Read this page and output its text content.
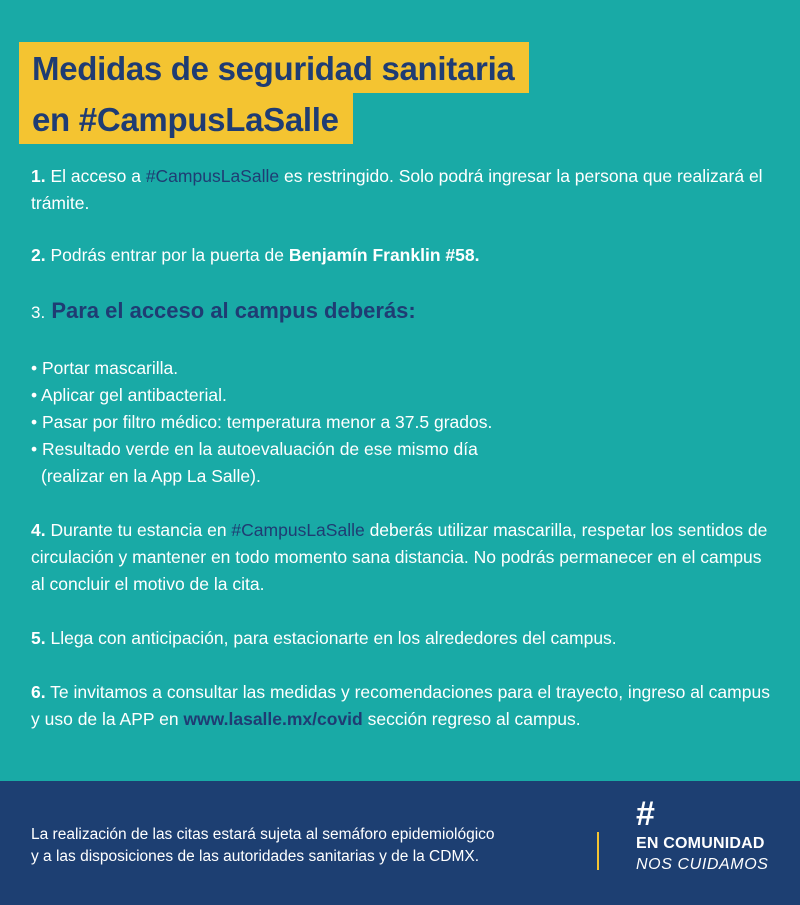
Medidas de seguridad sanitaria
en #CampusLaSalle

1. El acceso a #CampusLaSalle es restringido. Solo podrá ingresar la persona que realizará el trámite.

2. Podrás entrar por la puerta de Benjamín Franklin #58.

3. Para el acceso al campus deberás:

• Portar mascarilla.
• Aplicar gel antibacterial.
• Pasar por filtro médico: temperatura menor a 37.5 grados.
• Resultado verde en la autoevaluación de ese mismo día
(realizar en la App La Salle).

4. Durante tu estancia en #CampusLaSalle deberás utilizar mascarilla, respetar los sentidos de circulación y mantener en todo momento sana distancia. No podrás permanecer en el campus al concluir el motivo de la cita.

5. Llega con anticipación, para estacionarte en los alrededores del campus.

6. Te invitamos a consultar las medidas y recomendaciones para el trayecto, ingreso al campus y uso de la APP en www.lasalle.mx/covid sección regreso al campus.

La realización de las citas estará sujeta al semáforo epidemiológico
y a las disposiciones de las autoridades sanitarias y de la CDMX.
#
EN COMUNIDAD
NOS CUIDAMOS
